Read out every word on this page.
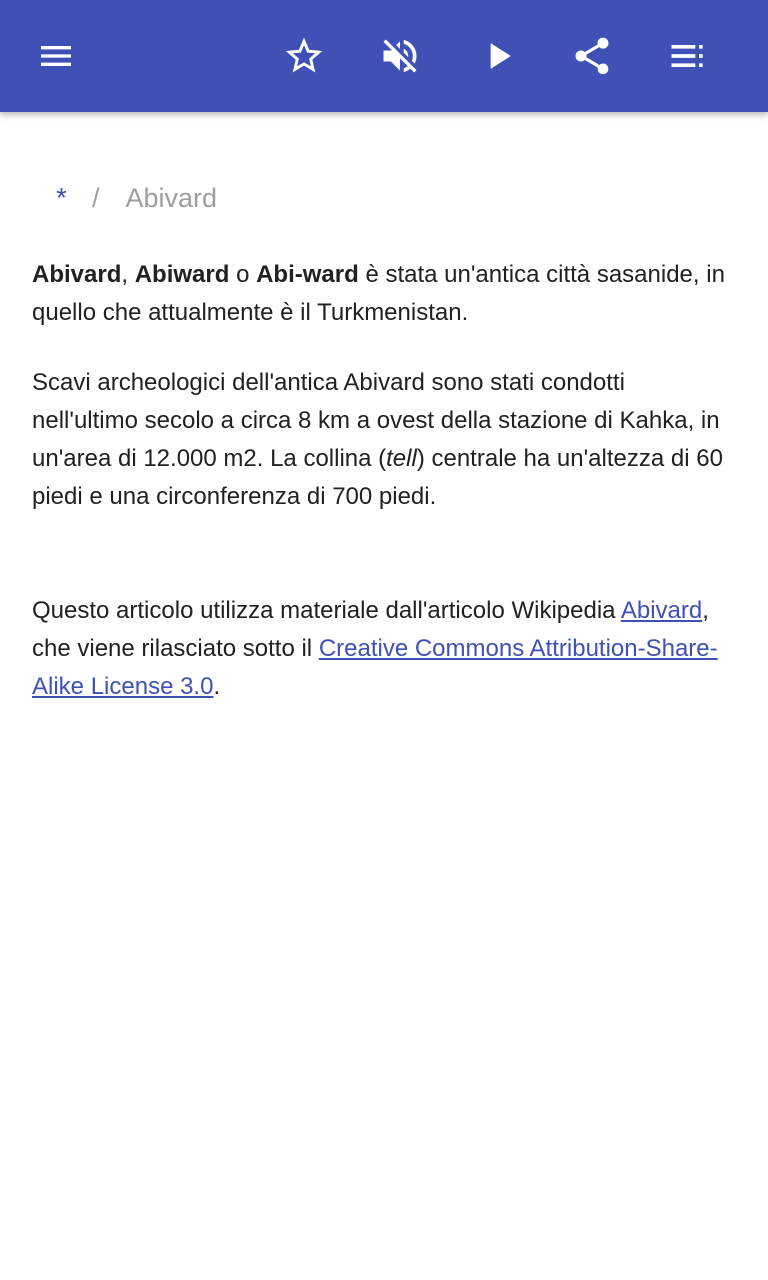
* / Abivard

Abivard, Abiward o Abi-ward è stata un'antica città sasanide, in quello che attualmente è il Turkmenistan.

Scavi archeologici dell'antica Abivard sono stati condotti nell'ultimo secolo a circa 8 km a ovest della stazione di Kahka, in un'area di 12.000 m2. La collina (tell) centrale ha un'altezza di 60 piedi e una circonferenza di 700 piedi.

Questo articolo utilizza materiale dall'articolo Wikipedia Abivard, che viene rilasciato sotto il Creative Commons Attribution-Share-Alike License 3.0.
